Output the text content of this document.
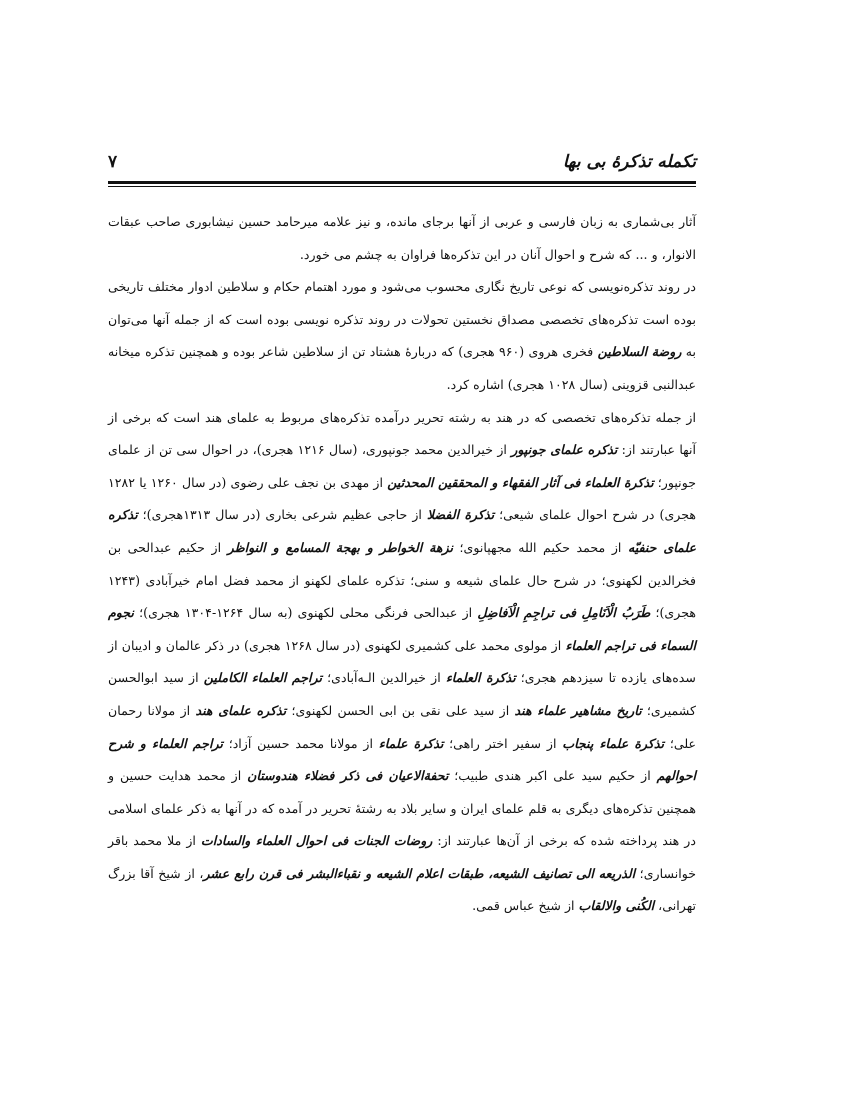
تکمله تذکرهٔ بی بها
۷

آثار بی‌شماری به زبان فارسی و عربی از آنها برجای مانده، و نیز علامه میرحامد حسین نیشابوری صاحب عبقات الانوار، و ... که شرح و احوال آنان در این تذکره‌ها فراوان به چشم می خورد.

در روند تذکره‌نویسی که نوعی تاریخ نگاری محسوب می‌شود و مورد اهتمام حکام و سلاطین ادوار مختلف تاریخی بوده است تذکره‌های تخصصی مصداق نخستین تحولات در روند تذکره نویسی بوده است که از جمله آنها می‌توان به روضة السلاطین فخری هروی (۹۶۰ هجری) که دربارهٔ هشتاد تن از سلاطین شاعر بوده و همچنین تذکره میخانه عبدالنبی قزوینی (سال ۱۰۲۸ هجری) اشاره کرد.

از جمله تذکره‌های تخصصی که در هند به رشته تحریر درآمده تذکره‌های مربوط به علمای هند است که برخی از آنها عبارتند از: تذکره علمای جونپور از خیرالدین محمد جونپوری، (سال ۱۲۱۶ هجری)، در احوال سی تن از علمای جونپور؛ تذکرة العلماء فی آثار الفقهاء و المحققین المحدثین از مهدی بن نجف علی رضوی (در سال ۱۲۶۰ یا ۱۲۸۲ هجری) در شرح احوال علمای شیعی؛ تذکرة الفضلا از حاجی عظیم شرعی بخاری (در سال ۱۳۱۳هجری)؛ تذکره علمای حنفیّه از محمد حکیم الله مجهپانوی؛ نزهة الخواطر و بهجة المسامع و النواظر از حکیم عبدالحی بن فخرالدین لکهنوی؛ در شرح حال علمای شیعه و سنی؛ تذکره علمای لکهنو از محمد فضل امام خیرآبادی (۱۲۴۳ هجری)؛ طَرَبُ الْاَنَامِلِ فی تراجِمِ الْاَفاضِلِ از عبدالحی فرنگی محلی لکهنوی (به سال ۱۲۶۴-۱۳۰۴ هجری)؛ نجوم السماء فی تراجم العلماء از مولوی محمد علی کشمیری لکهنوی (در سال ۱۲۶۸ هجری) در ذکر عالمان و ادیبان از سده‌های یازده تا سیزدهم هجری؛ تذکرة العلماء از خیرالدین الـه‌آبادی؛ تراجم العلماء الکاملین از سید ابوالحسن کشمیری؛ تاریخ مشاهیر علماء هند از سید علی نقی بن ابی الحسن لکهنوی؛ تذکره علمای هند از مولانا رحمان علی؛ تذکرة علماء پنجاب از سفیر اختر راهی؛ تذکرة علماء از مولانا محمد حسین آزاد؛ تراجم العلماء و شرح احوالهم از حکیم سید علی اکبر هندی طبیب؛ تحفةالاعیان فی ذکر فضلاء هندوستان از محمد هدایت حسین و همچنین تذکره‌های دیگری به قلم علمای ایران و سایر بلاد به رشتهٔ تحریر در آمده که در آنها به ذکر علمای اسلامی در هند پرداخته شده که برخی از آن‌ها عبارتند از: روضات الجنات فی احوال العلماء والسادات از ملا محمد باقر خوانساری؛ الذریعه الی تصانیف الشیعه، طبقات اعلام الشیعه و نقباءالبشر فی قرن رابع عشر، از شیخ آقا بزرگ تهرانی، الکُنی والالقاب از شیخ عباس قمی.
